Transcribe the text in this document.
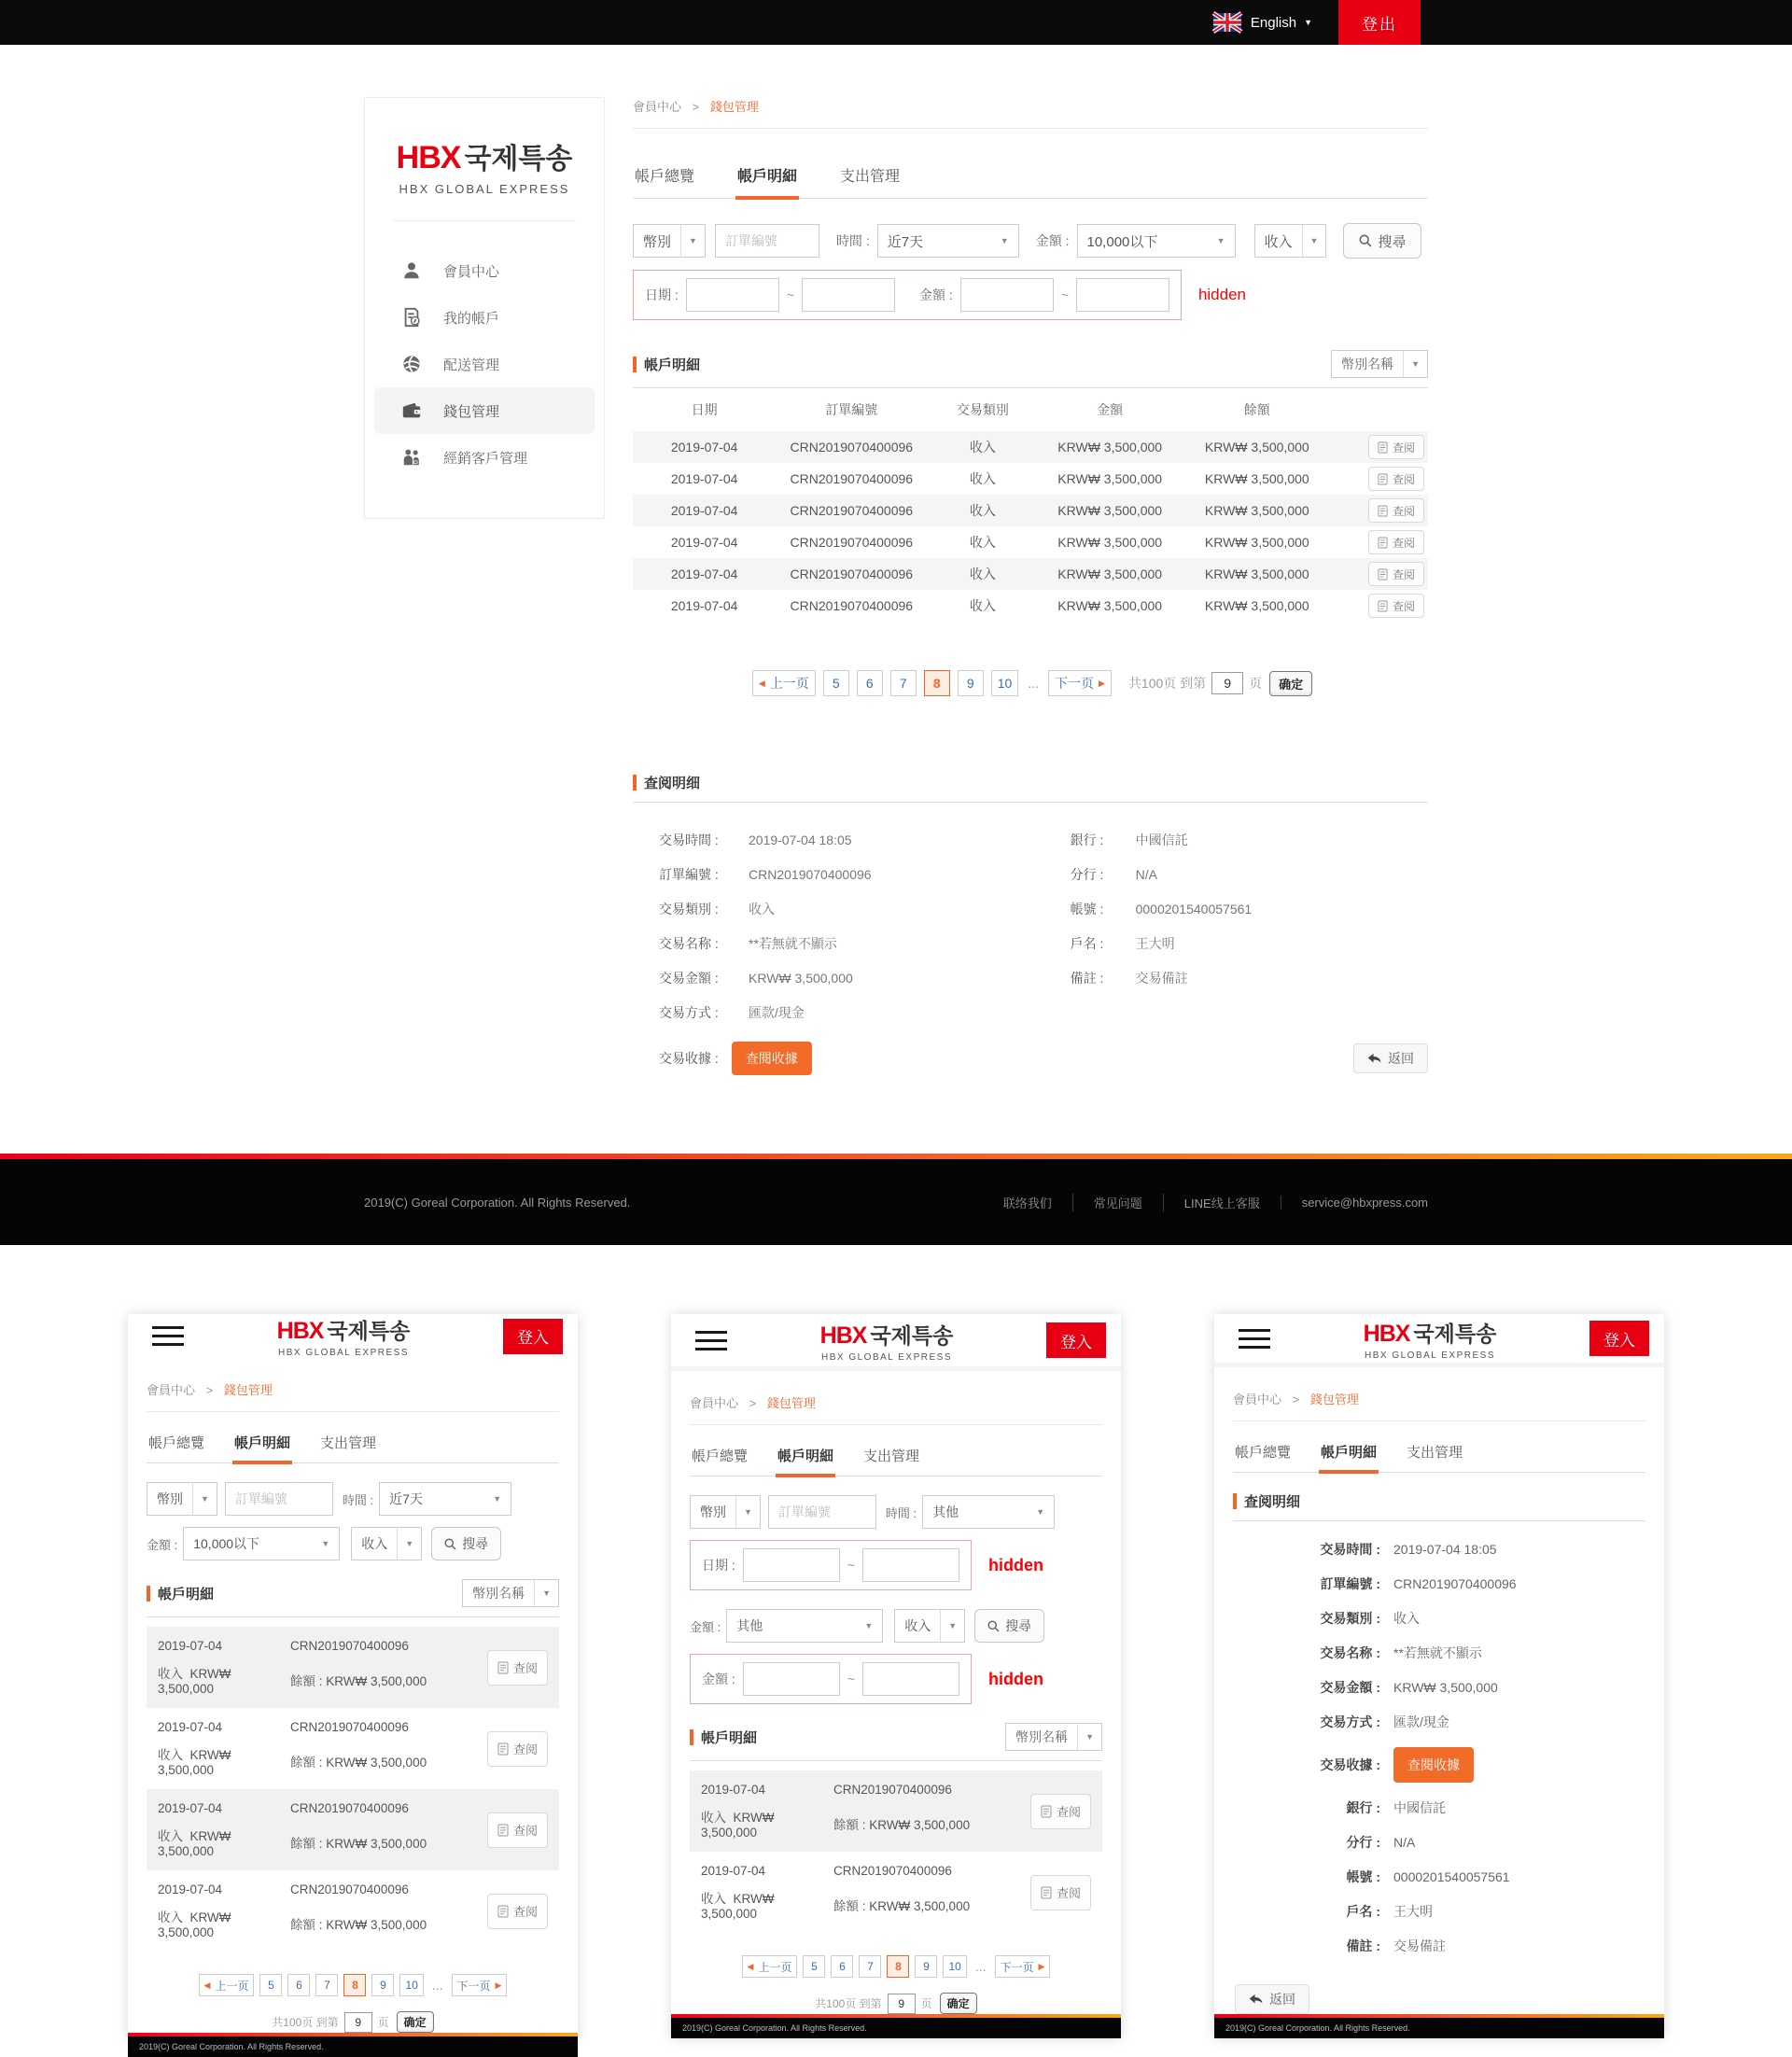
English ▼	登出
HBX 국제특송
HBX GLOBAL EXPRESS
會員中心
我的帳戶
配送管理
錢包管理
經銷客戶管理
會員中心 > 錢包管理
帳戶總覽	帳戶明細	支出管理
幣別	▼
訂單編號	時間 : 近7天	▼	金額 : 10,000以下	▼	收入	▼	搜尋
日期 :	~	金額 :	~	hidden
帳戶明細	幣別名稱	▼
日期	訂單編號	交易類別	金額	餘額
2019-07-04	CRN2019070400096	收入	KRW₩ 3,500,000	KRW₩ 3,500,000	查阅
2019-07-04	CRN2019070400096	收入	KRW₩ 3,500,000	KRW₩ 3,500,000	查阅
2019-07-04	CRN2019070400096	收入	KRW₩ 3,500,000	KRW₩ 3,500,000	查阅
2019-07-04	CRN2019070400096	收入	KRW₩ 3,500,000	KRW₩ 3,500,000	查阅
2019-07-04	CRN2019070400096	收入	KRW₩ 3,500,000	KRW₩ 3,500,000	查阅
2019-07-04	CRN2019070400096	收入	KRW₩ 3,500,000	KRW₩ 3,500,000	查阅
◀ 上一页	5	6	7	8	9	10	... 下一页 ▶ 共100页 到第
9	页	确定
查阅明细
交易時間 :	2019-07-04 18:05
訂單編號 :	CRN2019070400096
交易類別 :	收入
交易名称 :	**若無就不顯示
交易金額 :	KRW₩ 3,500,000
交易方式 :	匯款/現金
銀行 :	中國信託
分行 :	N/A
帳號 :	0000201540057561
戶名 :	王大明
備註 :	交易備註
交易收據 :	查閱收據	返回
2019(C) Goreal Corporation. All Rights Reserved.	联络我们	常见问题	LINE线上客服	service@hbxpress.com
HBX 국제특송
HBX GLOBAL EXPRESS
登入
會員中心 > 錢包管理
帳戶總覽 帳戶明細 支出管理
幣別	▼
訂單編號	時間 : 近7天	▼
金額 : 10,000以下	▼	收入	▼	搜尋
帳戶明細	幣別名稱	▼
2019-07-04	CRN2019070400096
收入 KRW₩ 3,500,000
餘額 : KRW₩ 3,500,000
查阅
2019-07-04	CRN2019070400096
收入 KRW₩ 3,500,000
餘額 : KRW₩ 3,500,000
查阅
2019-07-04	CRN2019070400096
收入 KRW₩ 3,500,000
餘額 : KRW₩ 3,500,000
查阅
2019-07-04	CRN2019070400096
收入 KRW₩ 3,500,000
餘額 : KRW₩ 3,500,000
查阅
◀ 上一页	5	6	7	8	9	10	... 下一页 ▶
共100页 到第
9	页	确定
2019(C) Goreal Corporation. All Rights Reserved.
HBX 국제특송
HBX GLOBAL EXPRESS
登入
會員中心 > 錢包管理
帳戶總覽 帳戶明細 支出管理
幣別	▼
訂單編號	時間 : 其他	▼
日期 :	~	hidden
金額 : 其他	▼	收入	▼	搜尋
金額 :	~	hidden
帳戶明細	幣別名稱	▼
2019-07-04	CRN2019070400096
收入 KRW₩ 3,500,000
餘額 : KRW₩ 3,500,000
查阅
2019-07-04	CRN2019070400096
收入 KRW₩ 3,500,000
餘額 : KRW₩ 3,500,000
查阅
◀ 上一页	5	6	7	8	9	10	... 下一页 ▶
共100页 到第
9	页	确定
2019(C) Goreal Corporation. All Rights Reserved.
HBX 국제특송
HBX GLOBAL EXPRESS
登入
會員中心 > 錢包管理
帳戶總覽 帳戶明細 支出管理
查阅明细
交易時間 : 2019-07-04 18:05
訂單編號 : CRN2019070400096
交易類別 : 收入
交易名称 : **若無就不顯示
交易金額 : KRW₩ 3,500,000
交易方式 : 匯款/現金
交易收據 :	查閱收據
銀行 : 中國信託
分行 : N/A
帳號 : 0000201540057561
戶名 : 王大明
備註 : 交易備註
返回
2019(C) Goreal Corporation. All Rights Reserved.
